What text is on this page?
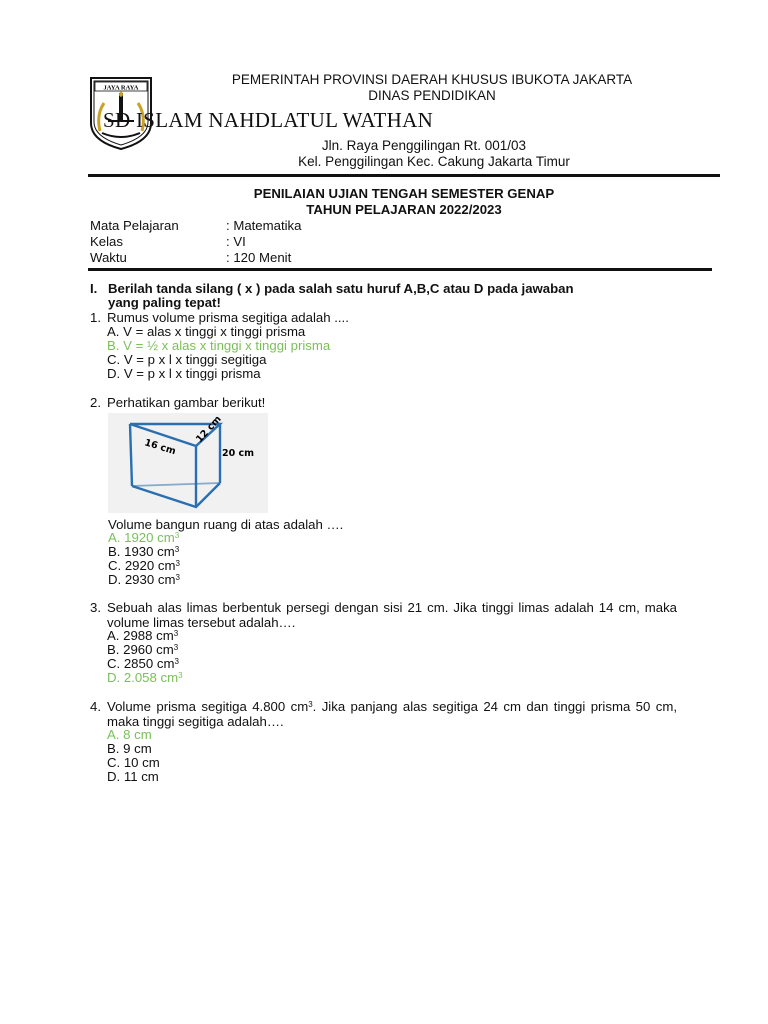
JAYA RAYA
PEMERINTAH PROVINSI DAERAH KHUSUS IBUKOTA JAKARTA
DINAS PENDIDIKAN
SD ISLAM NAHDLATUL WATHAN
Jln. Raya Penggilingan Rt. 001/03
Kel. Penggilingan Kec. Cakung Jakarta Timur
PENILAIAN UJIAN TENGAH SEMESTER GENAP
TAHUN PELAJARAN 2022/2023
Mata Pelajaran	: Matematika
Kelas	: VI
Waktu	: 120 Menit
I. Berilah tanda silang ( x ) pada salah satu huruf A,B,C atau D pada jawaban
yang paling tepat!
1. Rumus volume prisma segitiga adalah ....
A. V = alas x tinggi x tinggi prisma
B. V = ½ x alas x tinggi x tinggi prisma
C. V = p x l x tinggi segitiga
D. V = p x l x tinggi prisma
2. Perhatikan gambar berikut!
16 cm
12 cm
20 cm
Volume bangun ruang di atas adalah ….
A. 1920 $cm^3$
B. 1930 $cm^3$
C. 2920 $cm^3$
D. 2930 $cm^3$
3. Sebuah alas limas berbentuk persegi dengan sisi 21 cm. Jika tinggi limas adalah 14 cm, maka volume limas tersebut adalah….
A. 2988 $cm^3$
B. 2960 $cm^3$
C. 2850 $cm^3$
D. 2.058 $cm^3$
4. Volume prisma segitiga 4.800 $cm^3$. Jika panjang alas segitiga 24 cm dan tinggi prisma 50 cm, maka tinggi segitiga adalah….
A. 8 cm
B. 9 cm
C. 10 cm
D. 11 cm
